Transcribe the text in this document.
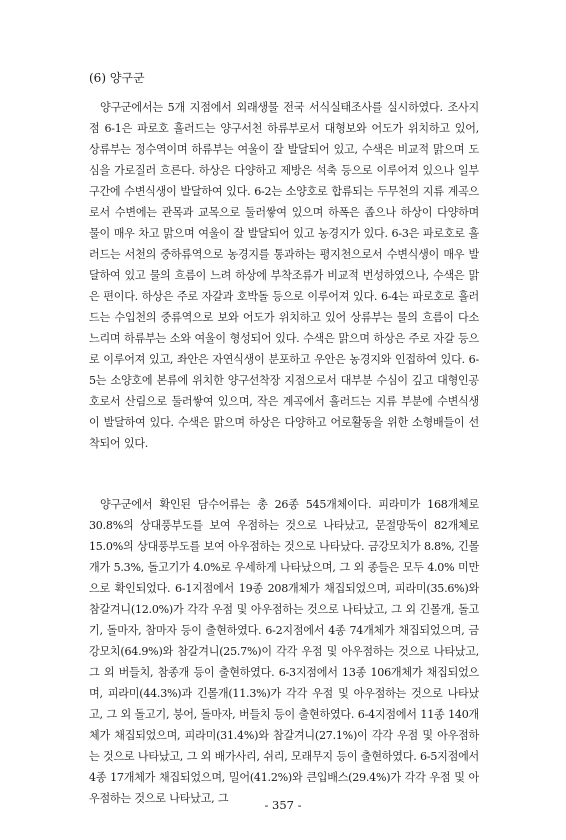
(6) 양구군

양구군에서는 5개 지점에서 외래생물 전국 서식실태조사를 실시하였다. 조사지점 6-1은 파로호 흘러드는 양구서천 하류부로서 대형보와 어도가 위치하고 있어, 상류부는 정수역이며 하류부는 여울이 잘 발달되어 있고, 수색은 비교적 맑으며 도심을 가로질러 흐른다. 하상은 다양하고 제방은 석축 등으로 이루어져 있으나 일부구간에 수변식생이 발달하여 있다. 6-2는 소양호로 합류되는 두무천의 지류 계곡으로서 수변에는 관목과 교목으로 둘러쌓여 있으며 하폭은 좁으나 하상이 다양하며 물이 매우 차고 맑으며 여울이 잘 발달되어 있고 농경지가 있다. 6-3은 파로호로 흘러드는 서천의 중하류역으로 농경지를 통과하는 평지천으로서 수변식생이 매우 발달하여 있고 물의 흐름이 느려 하상에 부착조류가 비교적 번성하였으나, 수색은 맑은 편이다. 하상은 주로 자갈과 호박돌 등으로 이루어져 있다. 6-4는 파로호로 흘러드는 수입천의 중류역으로 보와 어도가 위치하고 있어 상류부는 물의 흐름이 다소 느리며 하류부는 소와 여울이 형성되어 있다. 수색은 맑으며 하상은 주로 자갈 등으로 이루어져 있고, 좌안은 자연식생이 분포하고 우안은 농경지와 인접하여 있다. 6-5는 소양호에 본류에 위치한 양구선착장 지점으로서 대부분 수심이 깊고 대형인공호로서 산림으로 둘러쌓여 있으며, 작은 계곡에서 흘러드는 지류 부분에 수변식생이 발달하여 있다. 수색은 맑으며 하상은 다양하고 어로활동을 위한 소형배들이 선착되어 있다.

양구군에서 확인된 담수어류는 총 26종 545개체이다. 피라미가 168개체로 30.8%의 상대풍부도를 보여 우점하는 것으로 나타났고, 문절망둑이 82개체로 15.0%의 상대풍부도를 보여 아우점하는 것으로 나타났다. 금강모치가 8.8%, 긴몰개가 5.3%, 돌고기가 4.0%로 우세하게 나타났으며, 그 외 종들은 모두 4.0% 미만으로 확인되었다. 6-1지점에서 19종 208개체가 채집되었으며, 피라미(35.6%)와 참갈겨니(12.0%)가 각각 우점 및 아우점하는 것으로 나타났고, 그 외 긴몰개, 돌고기, 돌마자, 참마자 등이 출현하였다. 6-2지점에서 4종 74개체가 채집되었으며, 금강모치(64.9%)와 참갈겨니(25.7%)이 각각 우점 및 아우점하는 것으로 나타났고, 그 외 버들치, 참종개 등이 출현하였다. 6-3지점에서 13종 106개체가 채집되었으며, 피라미(44.3%)과 긴몰개(11.3%)가 각각 우점 및 아우점하는 것으로 나타났고, 그 외 돌고기, 붕어, 돌마자, 버들치 등이 출현하였다. 6-4지점에서 11종 140개체가 채집되었으며, 피라미(31.4%)와 참갈겨니(27.1%)이 각각 우점 및 아우점하는 것으로 나타났고, 그 외 배가사리, 쉬리, 모래무지 등이 출현하였다. 6-5지점에서 4종 17개체가 채집되었으며, 밀어(41.2%)와 큰입배스(29.4%)가 각각 우점 및 아우점하는 것으로 나타났고, 그	- 357 -
